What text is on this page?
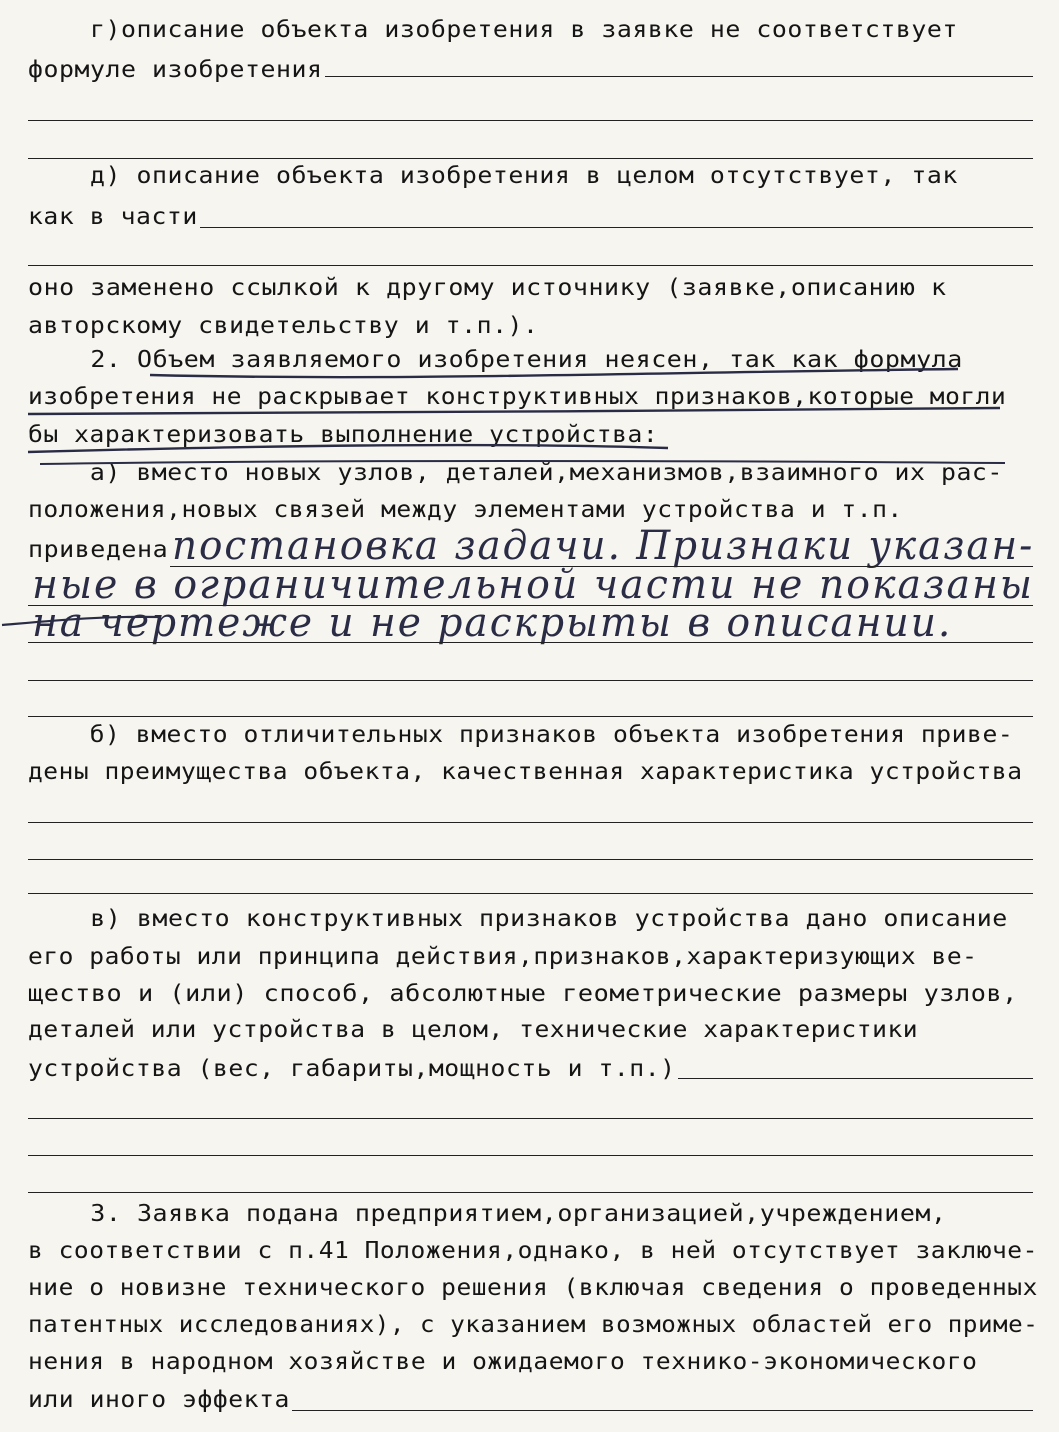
г)описание объекта изобретения в заявке не соответствует
формуле изобретения
д) описание объекта изобретения в целом отсутствует, так
как в части
оно заменено ссылкой к другому источнику (заявке,описанию к
авторскому свидетельству и т.п.).
2. Объем заявляемого изобретения неясен, так как формула
изобретения не раскрывает конструктивных признаков,которые могли
бы характеризовать выполнение устройства:
а) вместо новых узлов, деталей,механизмов,взаимного их рас-
положения,новых связей между элементами устройства и т.п.
приведена постановка задачи. Признаки указан-
ные в ограничительной части не показаны
на чертеже и не раскрыты в описании.
б) вместо отличительных признаков объекта изобретения приве-
дены преимущества объекта, качественная характеристика устройства
в) вместо конструктивных признаков устройства дано описание
его работы или принципа действия,признаков,характеризующих ве-
щество и (или) способ, абсолютные геометрические размеры узлов,
деталей или устройства в целом, технические характеристики
устройства (вес, габариты,мощность и т.п.)
3. Заявка подана предприятием,организацией,учреждением,
в соответствии с п.41 Положения,однако, в ней отсутствует заключе-
ние о новизне технического решения (включая сведения о проведенных
патентных исследованиях), с указанием возможных областей его приме-
нения в народном хозяйстве и ожидаемого технико-экономического
или иного эффекта
